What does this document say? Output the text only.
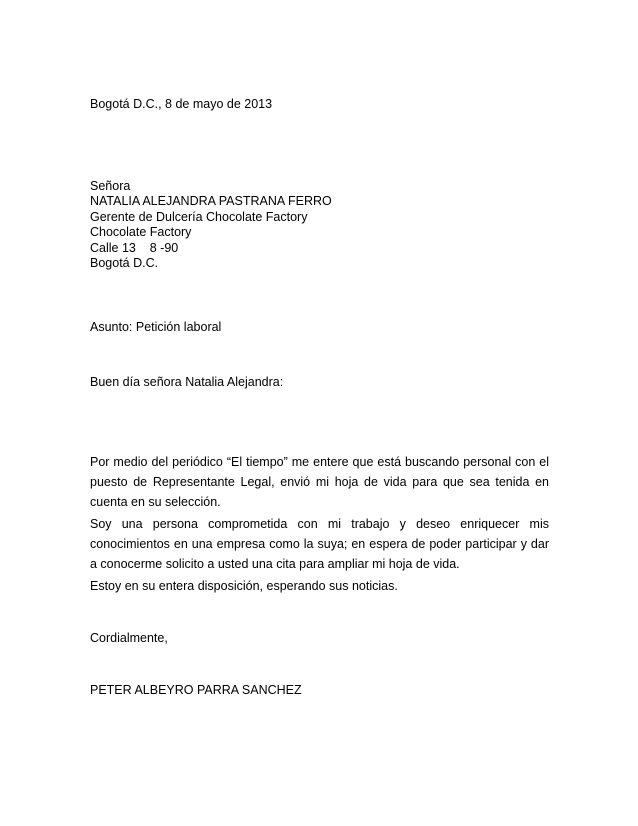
Bogotá D.C., 8 de mayo de 2013
Señora
NATALIA ALEJANDRA PASTRANA FERRO
Gerente de Dulcería Chocolate Factory
Chocolate Factory
Calle 13    8 -90
Bogotá D.C.
Asunto: Petición laboral
Buen día señora Natalia Alejandra:
Por medio del periódico “El tiempo” me entere que está buscando personal con el puesto de Representante Legal, envió mi hoja de vida para que sea tenida en cuenta en su selección.
Soy una persona comprometida con mi trabajo y deseo enriquecer mis conocimientos en una empresa como la suya; en espera de poder participar y dar a conocerme solicito a usted una cita para ampliar mi hoja de vida.
Estoy en su entera disposición, esperando sus noticias.
Cordialmente,
PETER ALBEYRO PARRA SANCHEZ
